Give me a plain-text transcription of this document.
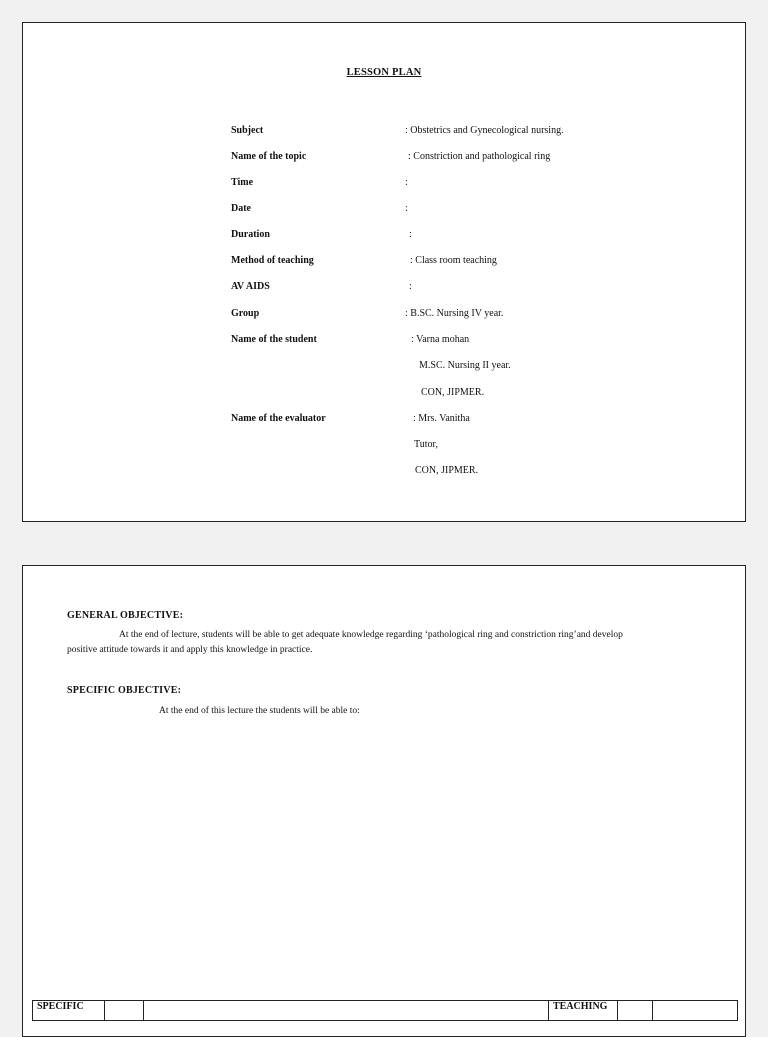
LESSON PLAN
Subject	: Obstetrics and Gynecological nursing.
Name of the topic	: Constriction and pathological ring
Time	:
Date	:
Duration	:
Method of teaching	: Class room teaching
AV AIDS	:
Group	: B.SC. Nursing IV year.
Name of the student	: Varna mohan
M.SC. Nursing II year.
CON, JIPMER.
Name of the evaluator	: Mrs. Vanitha
Tutor,
CON, JIPMER.
GENERAL OBJECTIVE:
At the end of lecture, students will be able to get adequate knowledge regarding ‘pathological ring and constriction ring’and develop
positive attitude towards it and apply this knowledge in practice.
SPECIFIC OBJECTIVE:
At the end of this lecture the students will be able to:
SPECIFIC			TEACHING		
